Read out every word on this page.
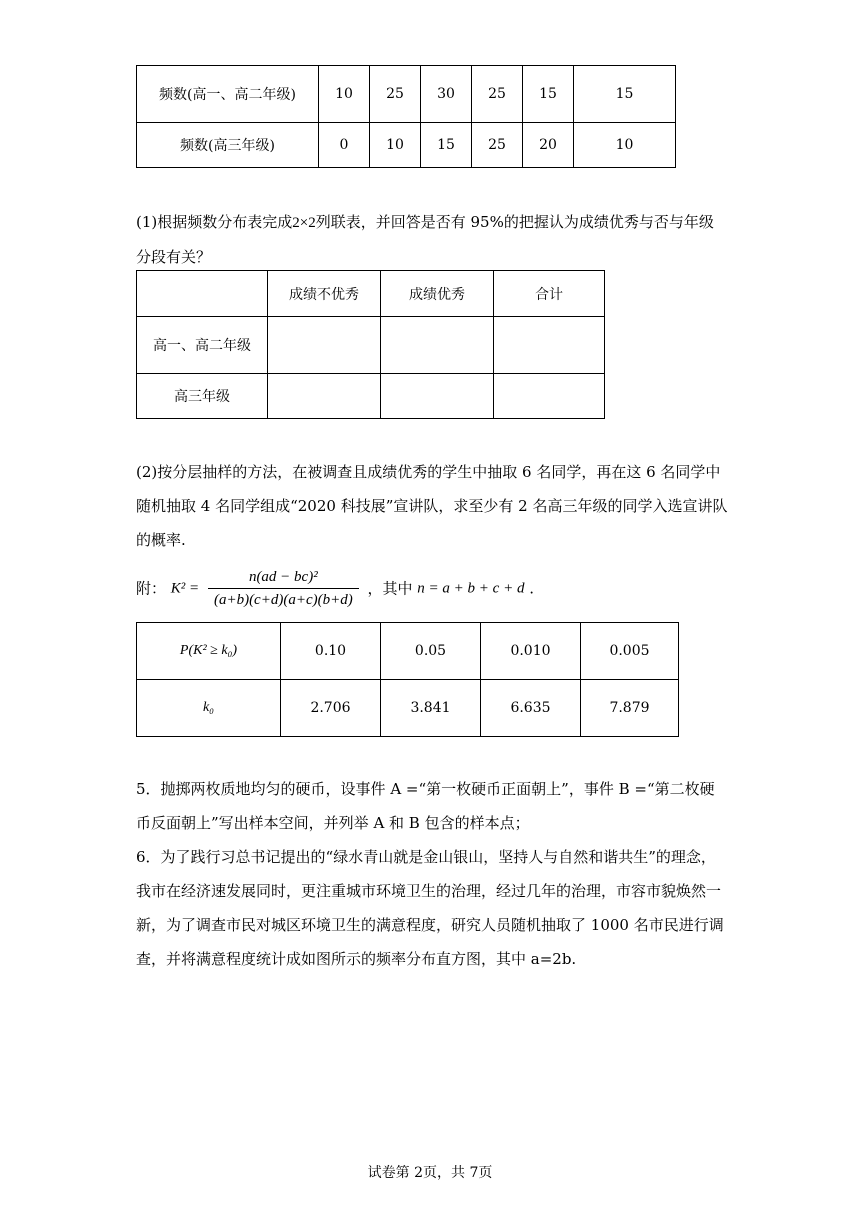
频数(高一、高二年级)	10	25	30	25	15	15
频数(高三年级)	0	10	15	25	20	10
(1)根据频数分布表完成2×2列联表，并回答是否有 95%的把握认为成绩优秀与否与年级分段有关？
	成绩不优秀	成绩优秀	合计
高一、高二年级			
高三年级			
(2)按分层抽样的方法，在被调查且成绩优秀的学生中抽取 6 名同学，再在这 6 名同学中随机抽取 4 名同学组成“2020 科技展”宣讲队，求至少有 2 名高三年级的同学入选宣讲队的概率.
附： $K^2 = \frac{\text{n(ad − bc)²}}{(a+b)(c+d)(a+c)(b+d)}$ ，其中 n = a + b + c + d .
P(K² ≥ k₀)	0.10	0.05	0.010	0.005
k₀	2.706	3.841	6.635	7.879
5．抛掷两枚质地均匀的硬币，设事件 A =“第一枚硬币正面朝上”，事件 B =“第二枚硬币反面朝上”写出样本空间，并列举 A 和 B 包含的样本点；
6．为了践行习总书记提出的“绿水青山就是金山银山，坚持人与自然和谐共生”的理念，我市在经济速发展同时，更注重城市环境卫生的治理，经过几年的治理，市容市貌焕然一新，为了调查市民对城区环境卫生的满意程度，研究人员随机抽取了 1000 名市民进行调查，并将满意程度统计成如图所示的频率分布直方图，其中 a=2b.
试卷第 2页，共 7页
